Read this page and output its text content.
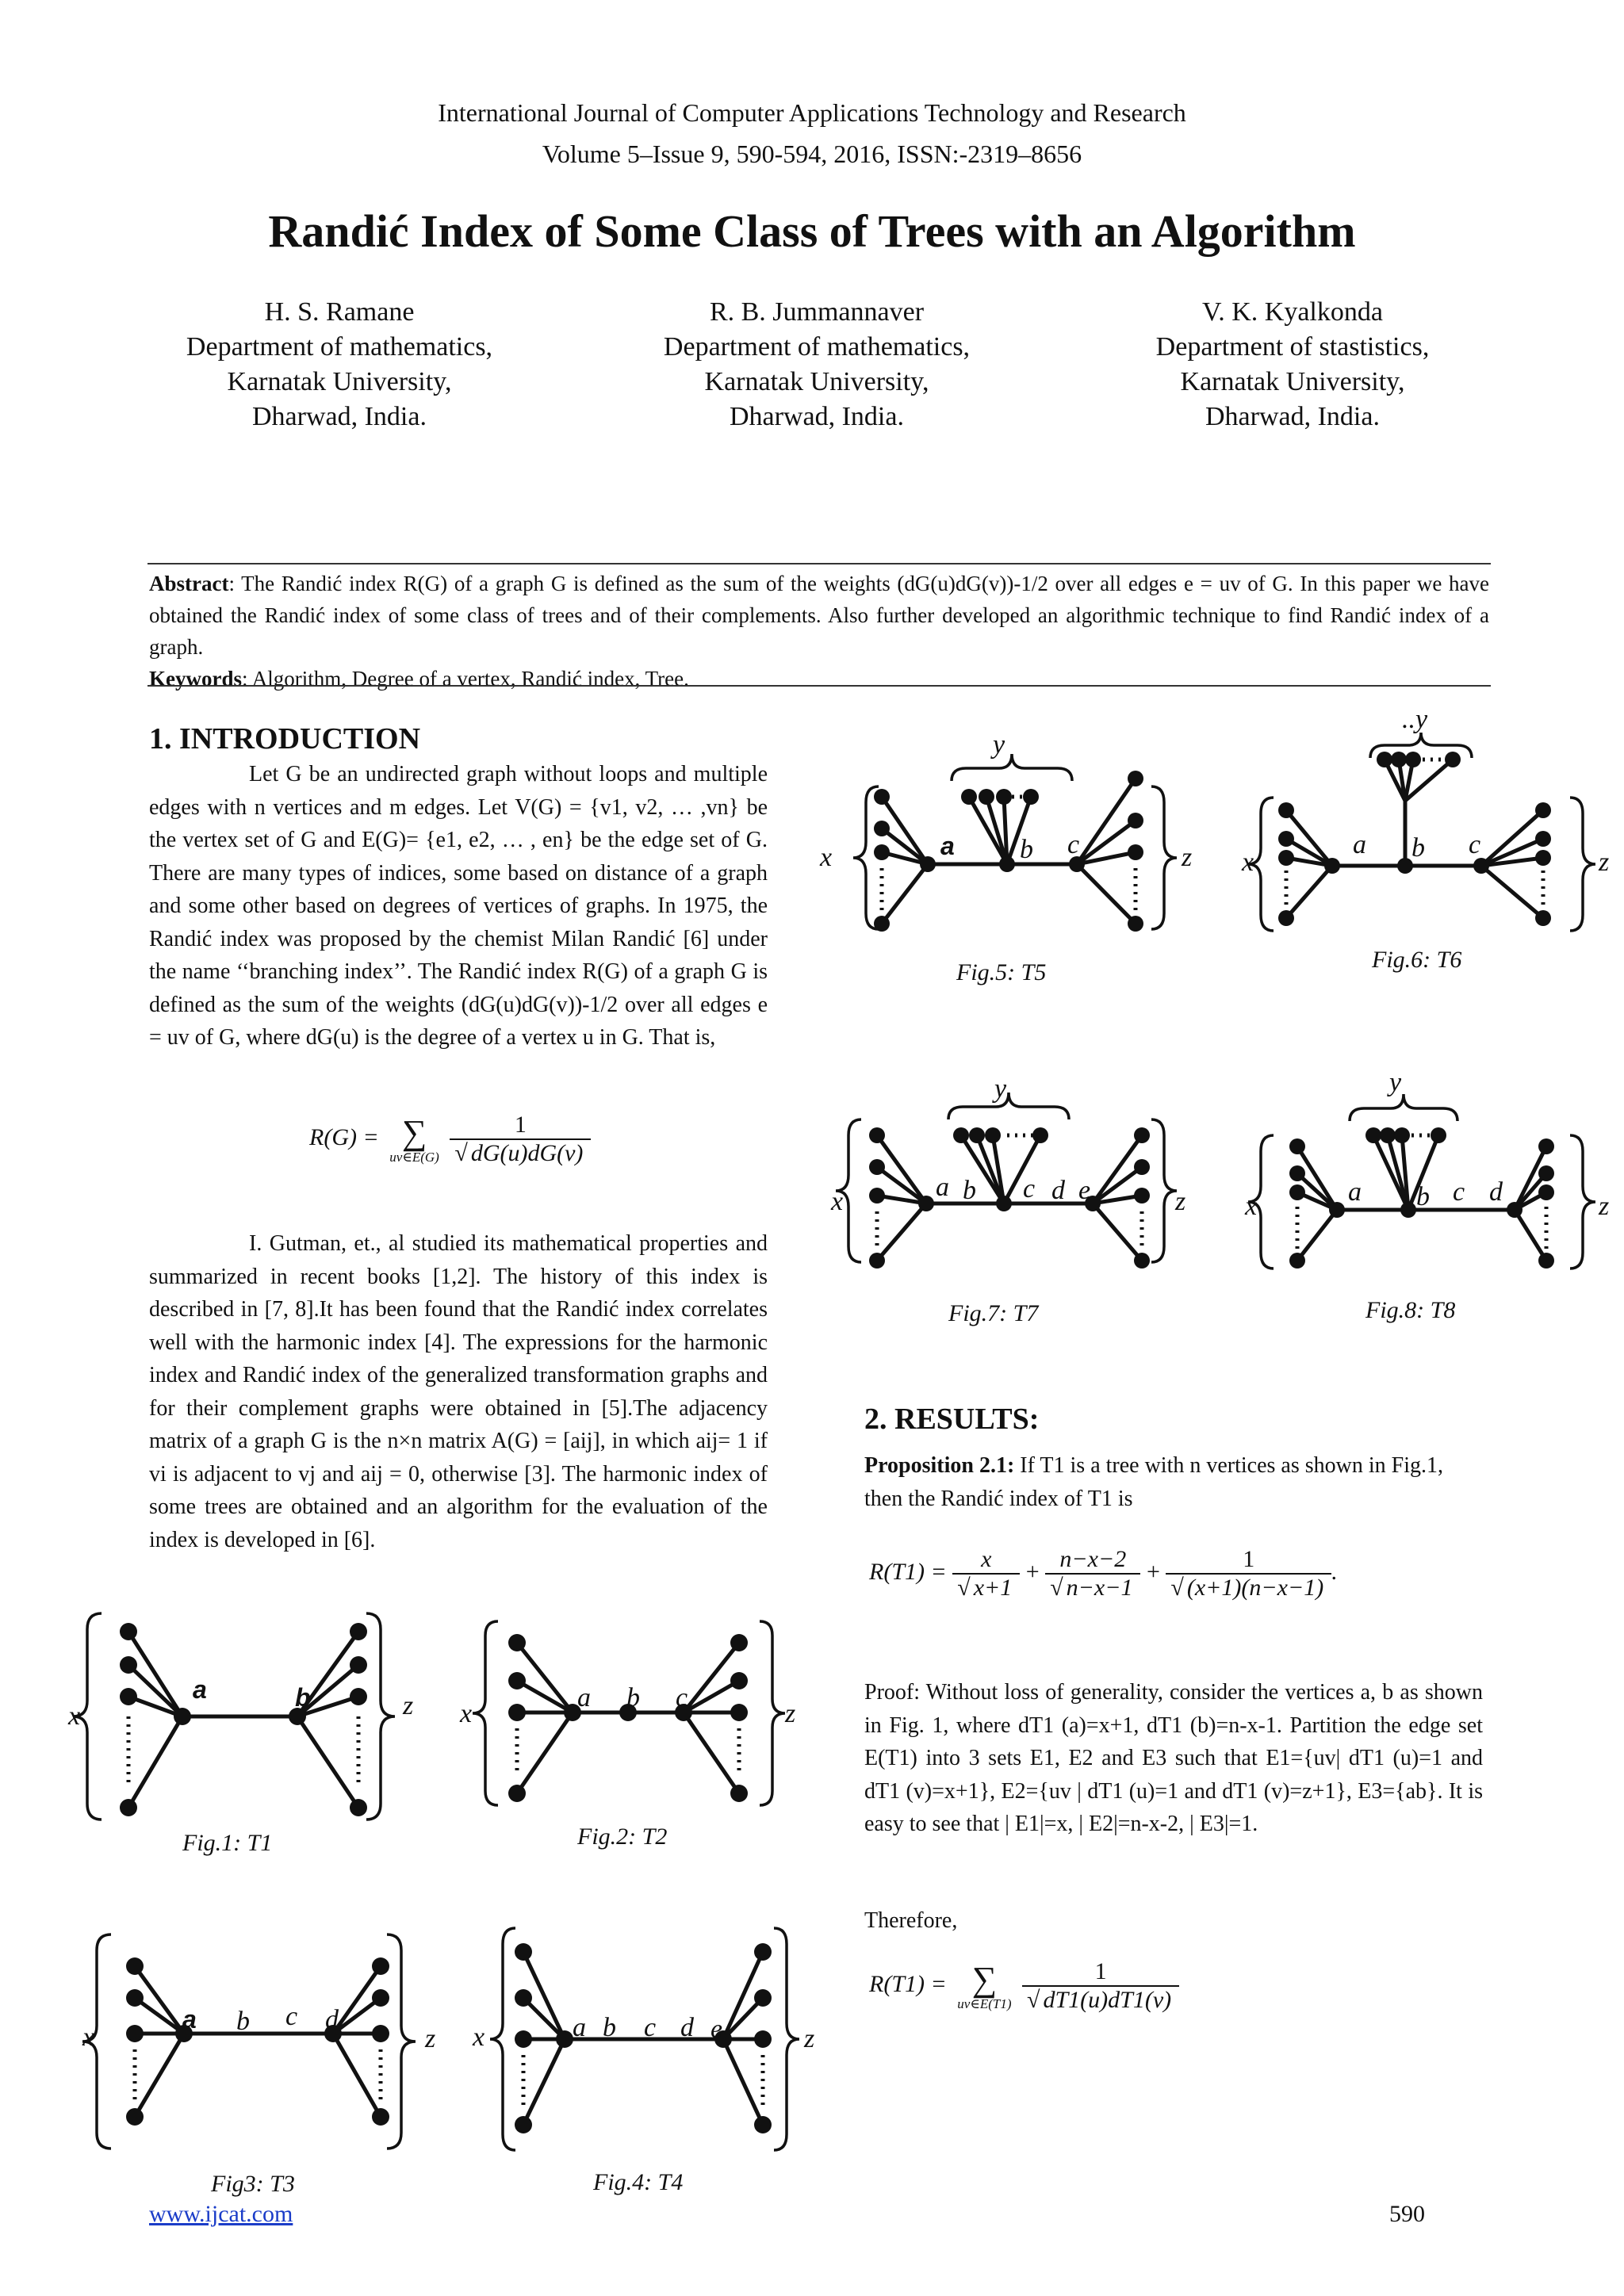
International Journal of Computer Applications Technology and Research
Volume 5–Issue 9, 590-594, 2016, ISSN:-2319–8656
Randić Index of Some Class of Trees with an Algorithm
H. S. Ramane
Department of mathematics,
Karnatak University,
Dharwad, India.
R. B. Jummannaver
Department of mathematics,
Karnatak University,
Dharwad, India.
V. K. Kyalkonda
Department of stastistics,
Karnatak University,
Dharwad, India.
Abstract: The Randić index R(G) of a graph G is defined as the sum of the weights (dG(u)dG(v))-1/2 over all edges e = uv of G. In this paper we have obtained the Randić index of some class of trees and of their complements. Also further developed an algorithmic technique to find Randić index of a graph.
Keywords: Algorithm, Degree of a vertex, Randić index, Tree.
1. INTRODUCTION
Let G be an undirected graph without loops and multiple edges with n vertices and m edges. Let V(G) = {v1, v2, … ,vn} be the vertex set of G and E(G)= {e1, e2, … , en} be the edge set of G. There are many types of indices, some based on distance of a graph and some other based on degrees of vertices of graphs. In 1975, the Randić index was proposed by the chemist Milan Randić [6] under the name ‘‘branching index’’. The Randić index R(G) of a graph G is defined as the sum of the weights (dG(u)dG(v))-1/2 over all edges e = uv of G, where dG(u) is the degree of a vertex u in G. That is,
R(G) = ∑
uv∈E(G)
$\frac{1}{√ dG(u)dG(v)}$
I. Gutman, et., al studied its mathematical properties and summarized in recent books [1,2]. The history of this index is described in [7, 8].It has been found that the Randić index correlates well with the harmonic index [4]. The expressions for the harmonic index and Randić index of the generalized transformation graphs and for their complement graphs were obtained in [5].The adjacency matrix of a graph G is the n×n matrix A(G) = [aij], in which aij= 1 if vi is adjacent to vj and aij = 0, otherwise [3]. The harmonic index of some trees are obtained and an algorithm for the evaluation of the index is developed in [6].
2. RESULTS:
Proposition 2.1: If T1 is a tree with n vertices as shown in Fig.1, then the Randić index of T1 is
$R(T1) = \frac{x}{√ x+1} + \frac{n-x-2}{√ n-x-1} + \frac{1}{√ (x+1)(n-x-1)}$ .
Proof: Without loss of generality, consider the vertices a, b as shown in Fig. 1, where dT1 (a)=x+1, dT1 (b)=n-x-1. Partition the edge set E(T1) into 3 sets E1, E2 and E3 such that E1={uv| dT1 (u)=1 and dT1 (v)=x+1}, E2={uv | dT1 (u)=1 and dT1 (v)=z+1}, E3={ab}. It is easy to see that | E1|=x, | E2|=n-x-2, | E3|=1.
Therefore,
R(T1) = ∑
uv∈E(T1)
$\frac{1}{√ dT1(u)dT1(v)}$
www.ijcat.com	590
x	z
a	b
Fig.1: T1
x	z
a b c
Fig.2: T2
x	z
a b c d
Fig3: T3
x	z
a b c d e
Fig.4: T4
x	z
y
a b c
Fig.5: T5
x	z
..y
a b c
Fig.6: T6
x	z
y
a b c d e
Fig.7: T7
x	z
y
a b c d
Fig.8: T8
